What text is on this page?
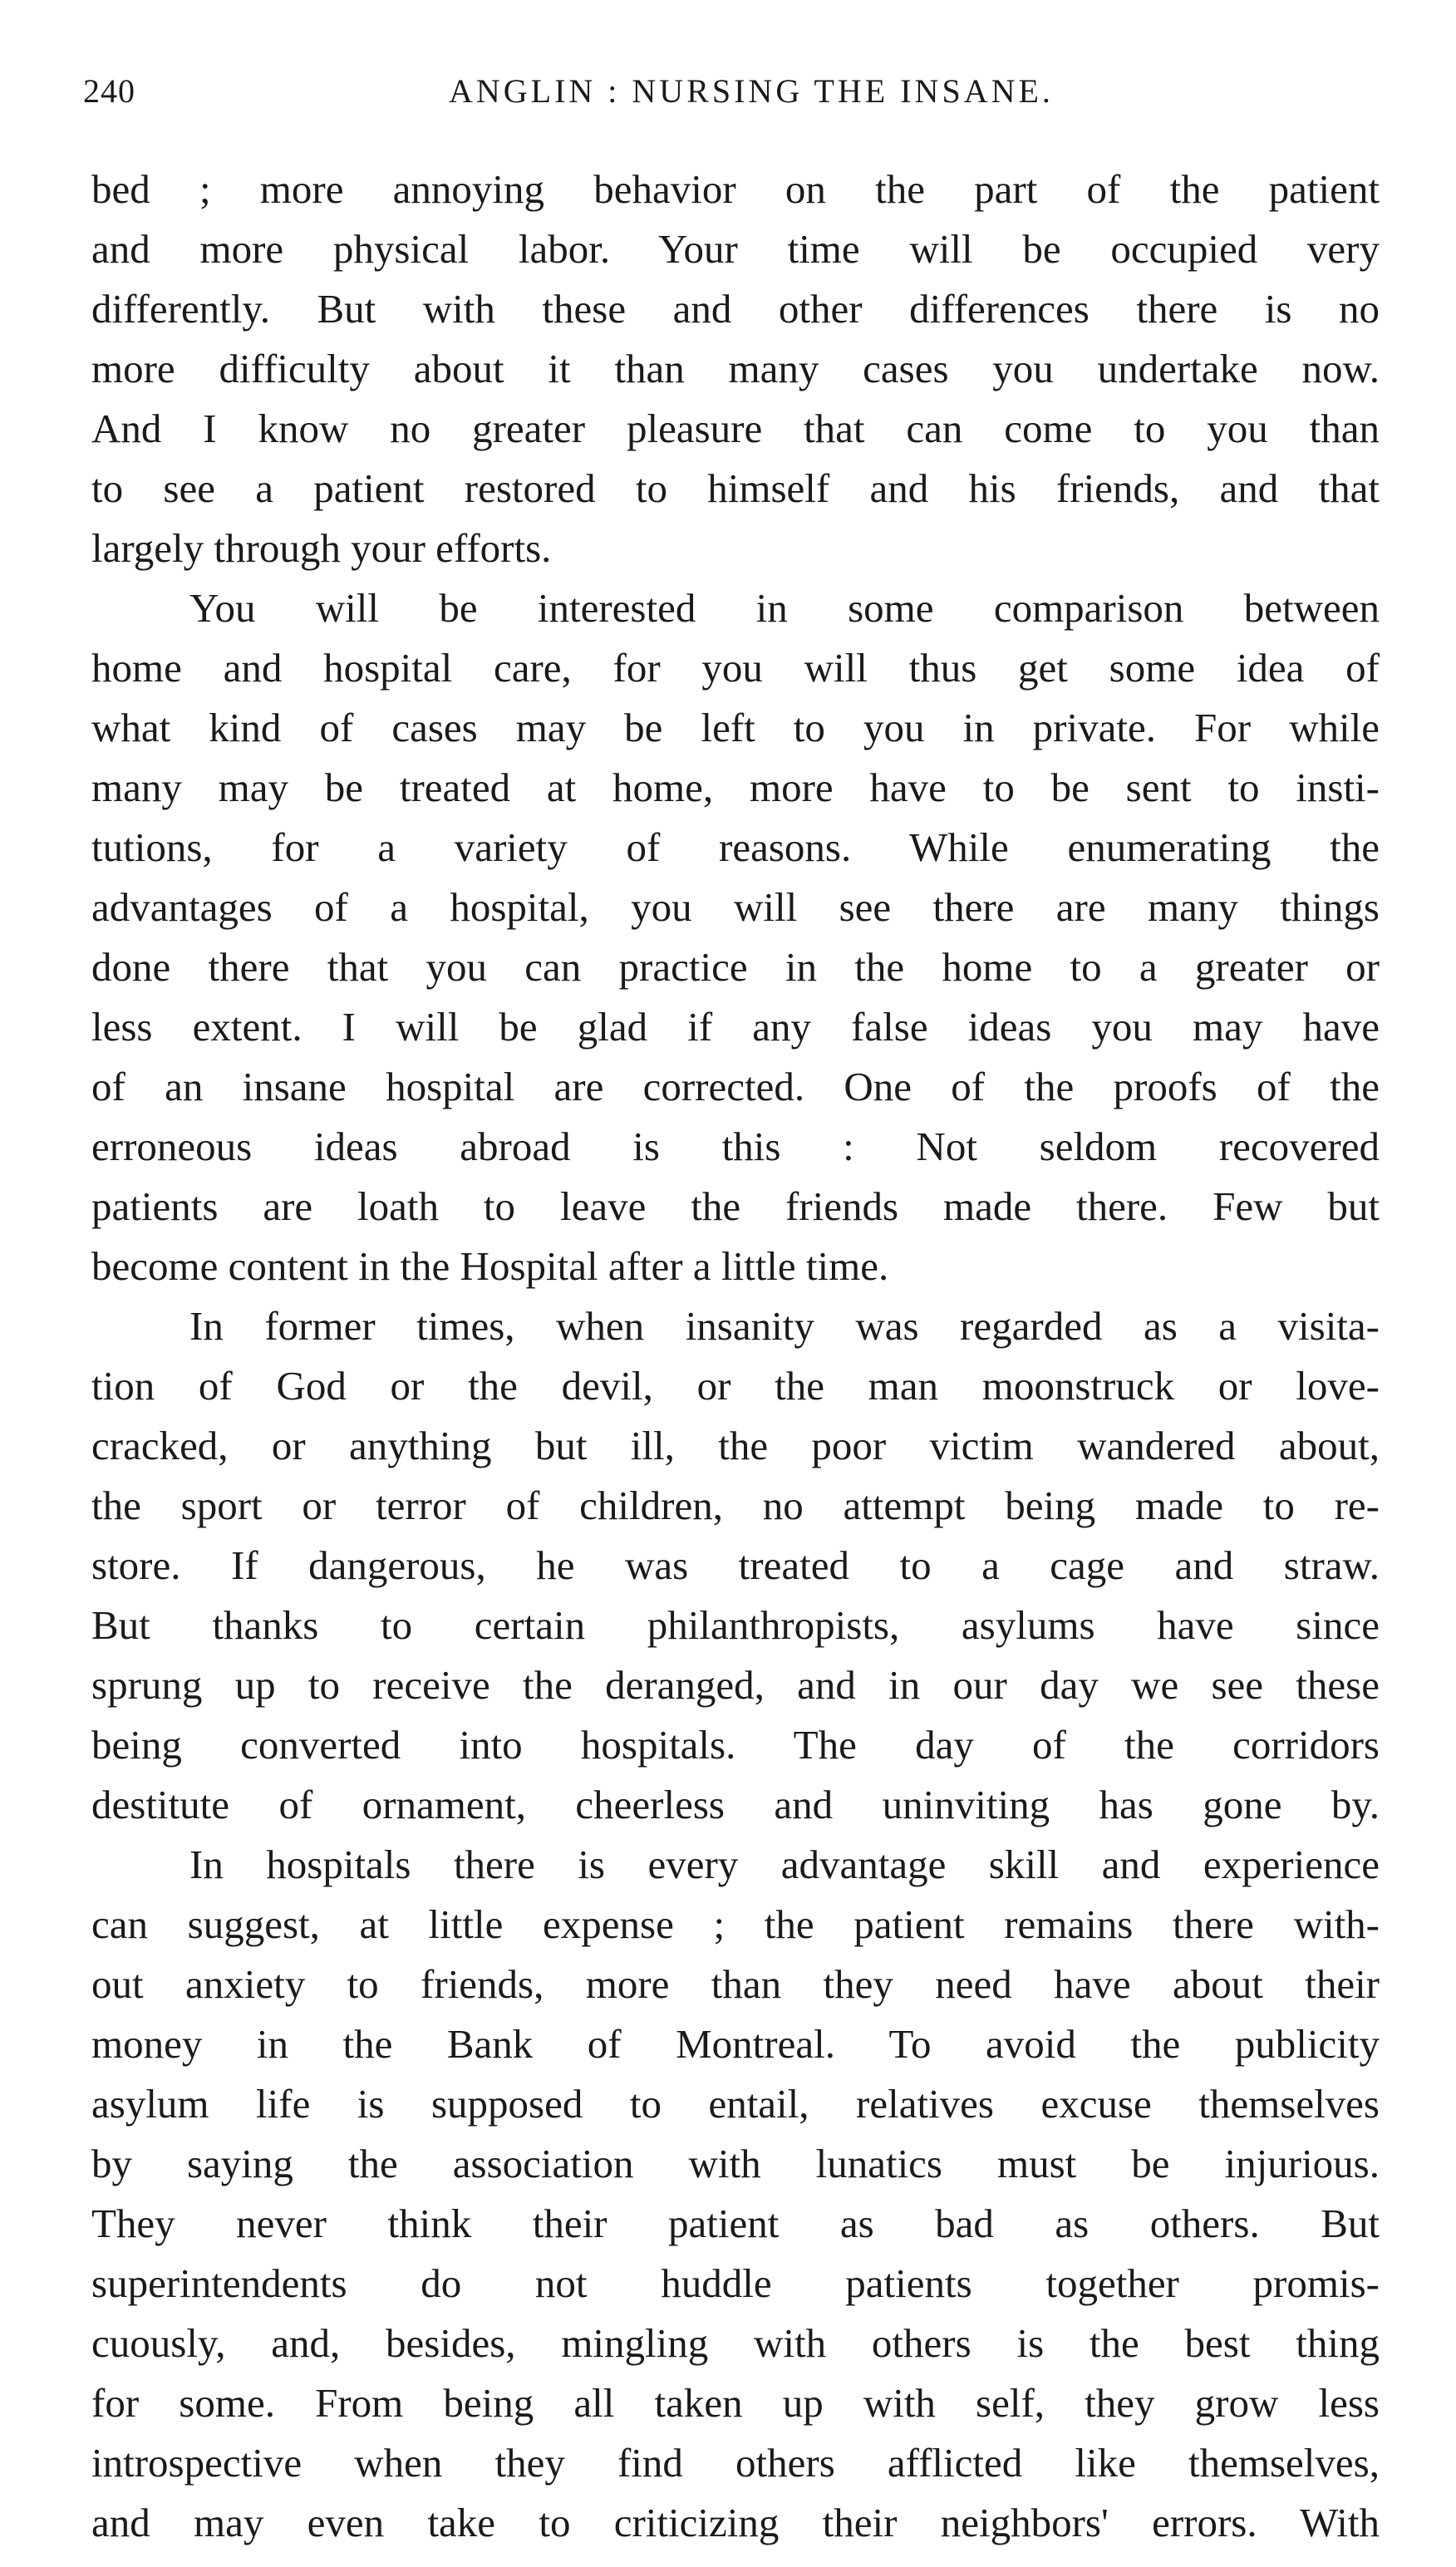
240	ANGLIN : NURSING THE INSANE.
bed ; more annoying behavior on the part of the patient
and more physical labor. Your time will be occupied very
differently. But with these and other differences there is no
more difficulty about it than many cases you undertake now.
And I know no greater pleasure that can come to you than
to see a patient restored to himself and his friends, and that
largely through your efforts.
You will be interested in some comparison between
home and hospital care, for you will thus get some idea of
what kind of cases may be left to you in private. For while
many may be treated at home, more have to be sent to insti-
tutions, for a variety of reasons. While enumerating the
advantages of a hospital, you will see there are many things
done there that you can practice in the home to a greater or
less extent. I will be glad if any false ideas you may have
of an insane hospital are corrected. One of the proofs of the
erroneous ideas abroad is this : Not seldom recovered
patients are loath to leave the friends made there. Few but
become content in the Hospital after a little time.
In former times, when insanity was regarded as a visita-
tion of God or the devil, or the man moonstruck or love-
cracked, or anything but ill, the poor victim wandered about,
the sport or terror of children, no attempt being made to re-
store. If dangerous, he was treated to a cage and straw.
But thanks to certain philanthropists, asylums have since
sprung up to receive the deranged, and in our day we see these
being converted into hospitals. The day of the corridors
destitute of ornament, cheerless and uninviting has gone by.
In hospitals there is every advantage skill and experience
can suggest, at little expense ; the patient remains there with-
out anxiety to friends, more than they need have about their
money in the Bank of Montreal. To avoid the publicity
asylum life is supposed to entail, relatives excuse themselves
by saying the association with lunatics must be injurious.
They never think their patient as bad as others. But
superintendents do not huddle patients together promis-
cuously, and, besides, mingling with others is the best thing
for some. From being all taken up with self, they grow less
introspective when they find others afflicted like themselves,
and may even take to criticizing their neighbors' errors. With
